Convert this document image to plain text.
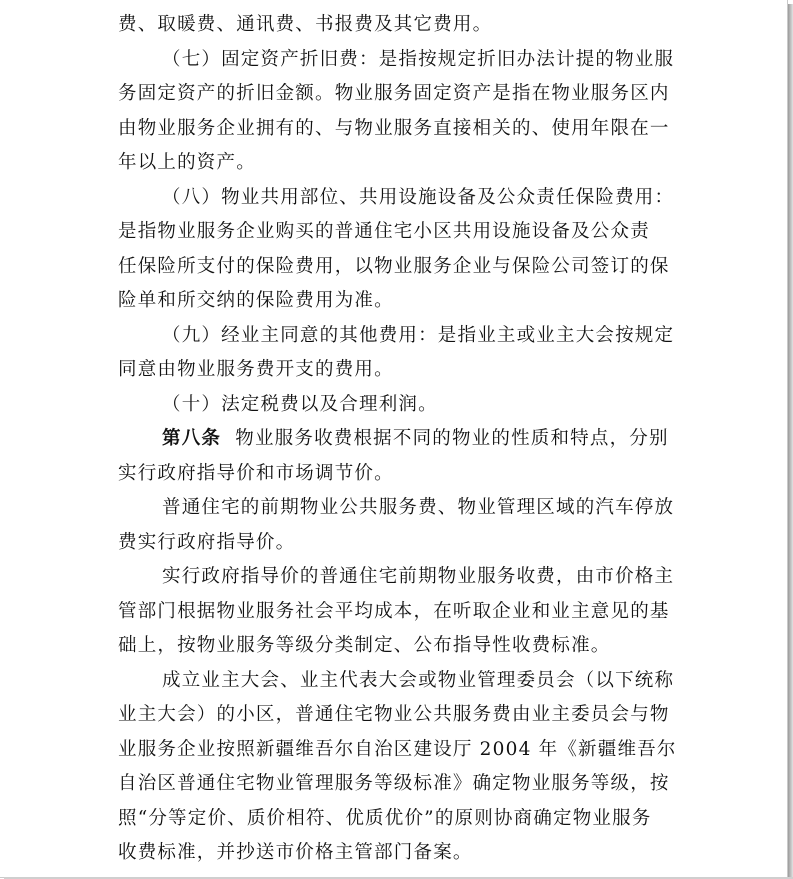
费、取暖费、通讯费、书报费及其它费用。
（七）固定资产折旧费：是指按规定折旧办法计提的物业服
务固定资产的折旧金额。物业服务固定资产是指在物业服务区内
由物业服务企业拥有的、与物业服务直接相关的、使用年限在一
年以上的资产。
（八）物业共用部位、共用设施设备及公众责任保险费用：
是指物业服务企业购买的普通住宅小区共用设施设备及公众责
任保险所支付的保险费用，以物业服务企业与保险公司签订的保
险单和所交纳的保险费用为准。
（九）经业主同意的其他费用：是指业主或业主大会按规定
同意由物业服务费开支的费用。
（十）法定税费以及合理利润。
第八条 物业服务收费根据不同的物业的性质和特点，分别
实行政府指导价和市场调节价。
普通住宅的前期物业公共服务费、物业管理区域的汽车停放
费实行政府指导价。
实行政府指导价的普通住宅前期物业服务收费，由市价格主
管部门根据物业服务社会平均成本，在听取企业和业主意见的基
础上，按物业服务等级分类制定、公布指导性收费标准。
成立业主大会、业主代表大会或物业管理委员会（以下统称
业主大会）的小区，普通住宅物业公共服务费由业主委员会与物
业服务企业按照新疆维吾尔自治区建设厅 2004 年《新疆维吾尔
自治区普通住宅物业管理服务等级标准》确定物业服务等级，按
照“分等定价、质价相符、优质优价”的原则协商确定物业服务
收费标准，并抄送市价格主管部门备案。
